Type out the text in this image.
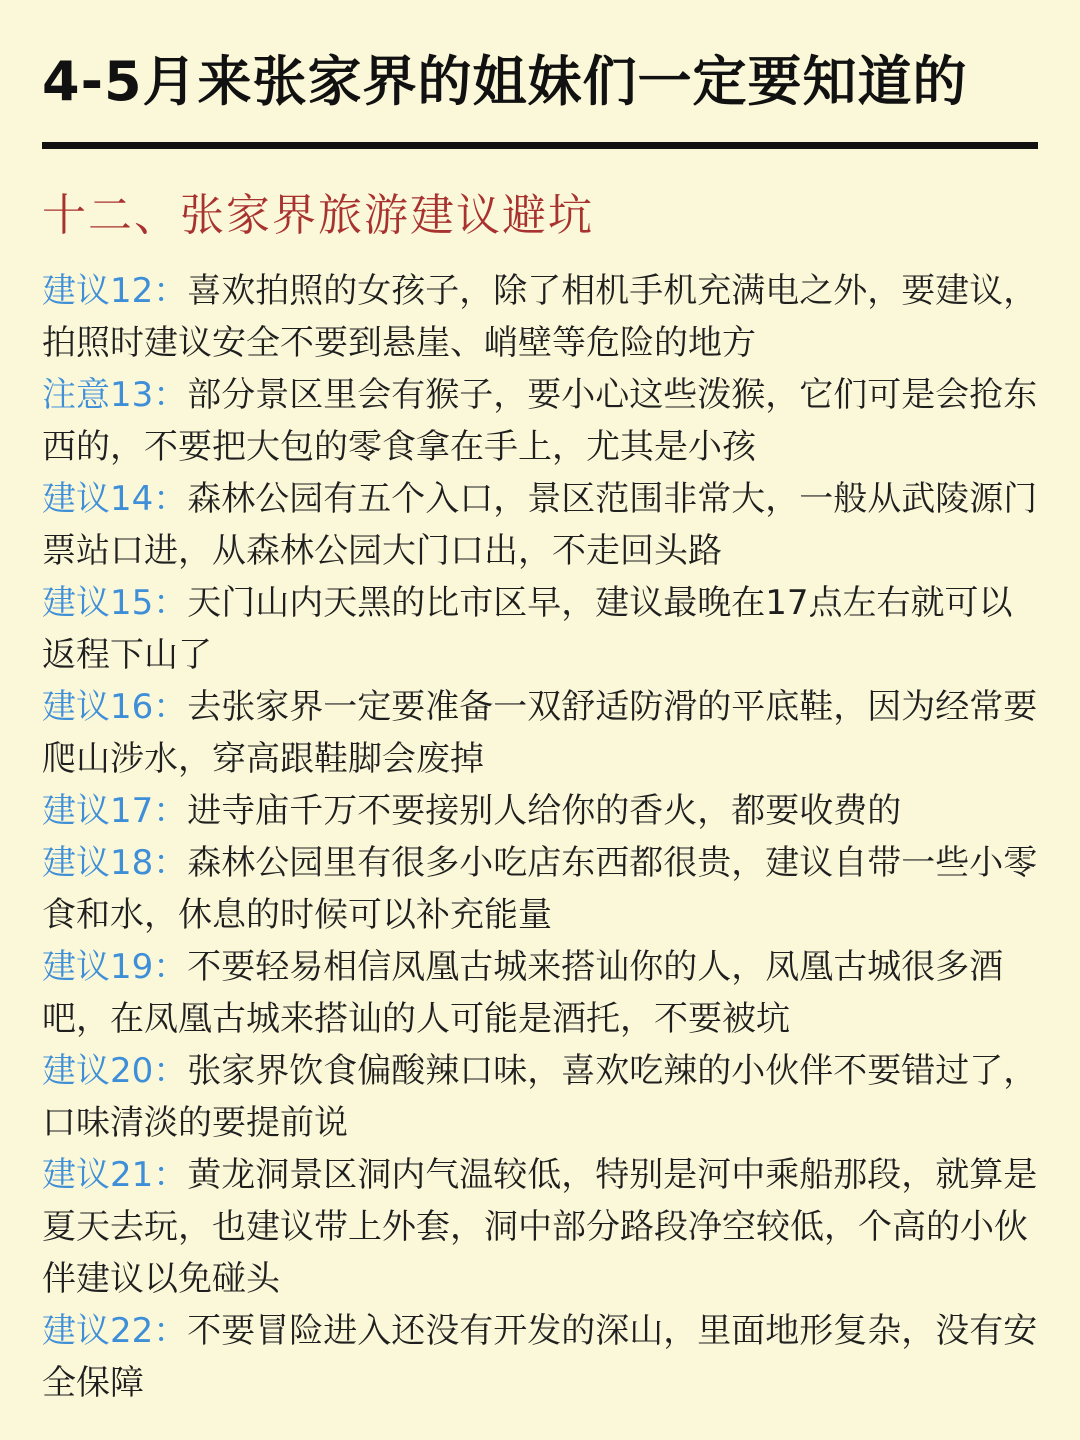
4-5月来张家界的姐妹们一定要知道的
十二、张家界旅游建议避坑

建议12：喜欢拍照的女孩子，除了相机手机充满电之外，要建议，拍照时建议安全不要到悬崖、峭壁等危险的地方

注意13：部分景区里会有猴子，要小心这些泼猴，它们可是会抢东西的，不要把大包的零食拿在手上，尤其是小孩

建议14：森林公园有五个入口，景区范围非常大，一般从武陵源门票站口进，从森林公园大门口出，不走回头路

建议15：天门山内天黑的比市区早，建议最晚在17点左右就可以返程下山了

建议16：去张家界一定要准备一双舒适防滑的平底鞋，因为经常要爬山涉水，穿高跟鞋脚会废掉

建议17：进寺庙千万不要接别人给你的香火，都要收费的

建议18：森林公园里有很多小吃店东西都很贵，建议自带一些小零食和水，休息的时候可以补充能量

建议19：不要轻易相信凤凰古城来搭讪你的人，凤凰古城很多酒吧，在凤凰古城来搭讪的人可能是酒托，不要被坑

建议20：张家界饮食偏酸辣口味，喜欢吃辣的小伙伴不要错过了，口味清淡的要提前说

建议21：黄龙洞景区洞内气温较低，特别是河中乘船那段，就算是夏天去玩，也建议带上外套，洞中部分路段净空较低，个高的小伙伴建议以免碰头

建议22：不要冒险进入还没有开发的深山，里面地形复杂，没有安全保障
